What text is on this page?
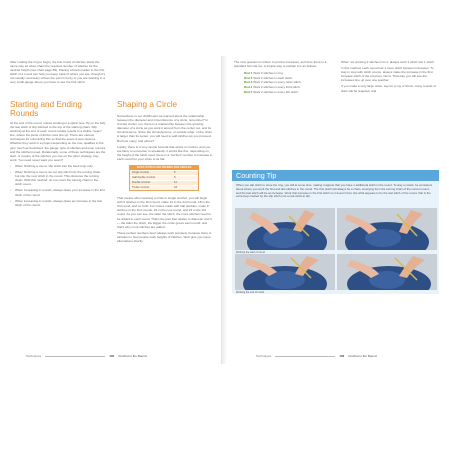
After making the ring to begin, the first round of stitches starts the same way as when chain the required number of stitches for the desired height (see chart page 89). Placing a block marker in the first stitch of a round can help you keep track of where you are, though it's not usually necessary unless the yarn is fuzzy or you are working in a very small gauge where you have to see the first stitch.

Starting and Ending Rounds

At the end of the round, unless working in a spiral (see Tip on the left), the last stitch is slip stitched to the top of the starting chain. Slip stitching at the end of each round usually results in a visible "seam" line, where the joints of all the rows line up. There are various techniques for minimizing this so that the seam is less obvious. Whether they work is a project depending on the row, qualifies in the yarn (such as flourished, the gauge, type of stitches and even roll-ups and the stitches) used. Rotationally, some of these techniques are the start, or require of the stitches you use on the other strategy may work. You need never want you seam?

• When finishing a round, slip stitch into the back loop only.
• When finishing a round, do not slip stitch into the turning chain, but into the next stitch in the round. This obscures the turning chain. With this method, do not count the turning chain in the stitch count.
• When increasing in rounds, always place your increase in the first stitch of the round.
• When increasing in rounds, always place an increase in the last stitch of the round.
Shaping a Circle

Somewhere in our childhoods we learned about the relationship between the diameter and circumference of a circle, remember? In crochet circles, too, there is a relationship between the growing diameter of a circle as you work it around from the center out, and its circumference. Since the circumference, or outside edge, of the circle is larger than its center, you will need to add stitches as you proceed. But how many, and where?

Luckily, there is a very simple formula that works in crochet, and you are likely to encounter it repeatedly. It works like this, depending on the height of the stitch used, there is a "perfect" number to increase in each round for your circle to lie flat:

BASIC STITCH FOR ROUNDS FOR CIRCLES
Single crochet	6
Half double crochet	8
Double crochet	12
Treble crochet	18

That means when working a circle in single crochet, you will begin with 6 stitches in the first round, make 12 in the 2nd round, 18 in the 3rd round, and so forth. For circles made with half doubles, make 8 stitches in the first rounds, 16 in the next round, and 24 in the 3rd round. As you can see, the taller the stitch, the more stitches need to be added in each round. That's the part that relates to diameter and it — the taller the stitch, the bigger the circle grows each round, and that's why more stitches are added.

These perfect numbers don't always work precisely, because there is variation in how people work heights of stitches. We'll give you some alternatives shortly.

Techniques	102 Crochet in the Round

The next question is where to put the increases, and here there is a standard formula too. A simple way to explain it is as follows:

Rnd 1 Work 6 stitches in ring.
Rnd 2 Work 2 stitches in each stitch.
Rnd 3 Work 2 stitches in every other stitch.
Rnd 4 Work 2 stitches in every third stitch.
Rnd 5 Work 2 stitches in every 4th stitch.

When not working 2 stitches into 1, always work 1 stitch into 1 stitch.

In this method, each round has 1 more stitch between increases. To stay in step with stitch counts, always make the increase in the first increase stitch of the previous round. That way you will see the increases line up over one another.

If you make a very large circle, say for a rug or throw, many rounds of stars will be required, and

Counting Tip
When you slip stitch to close the ring, you will at some time, making it appear that you have 1 additional stitch in the round. To stay on track, be consistent about where you work the first and last stitches in the round. The first stitch will always be a chain, emerging from the turning chain of the current round, and the last stitch will be an increase. Work that increase in the first stitch so it doesn't then slip what appears to be the last stitch of the round, that is the extra loop created by the slip stitch (not a real stitch at all).
Working the start of round
Working the end of round
Techniques	103 Crochet in the Round
